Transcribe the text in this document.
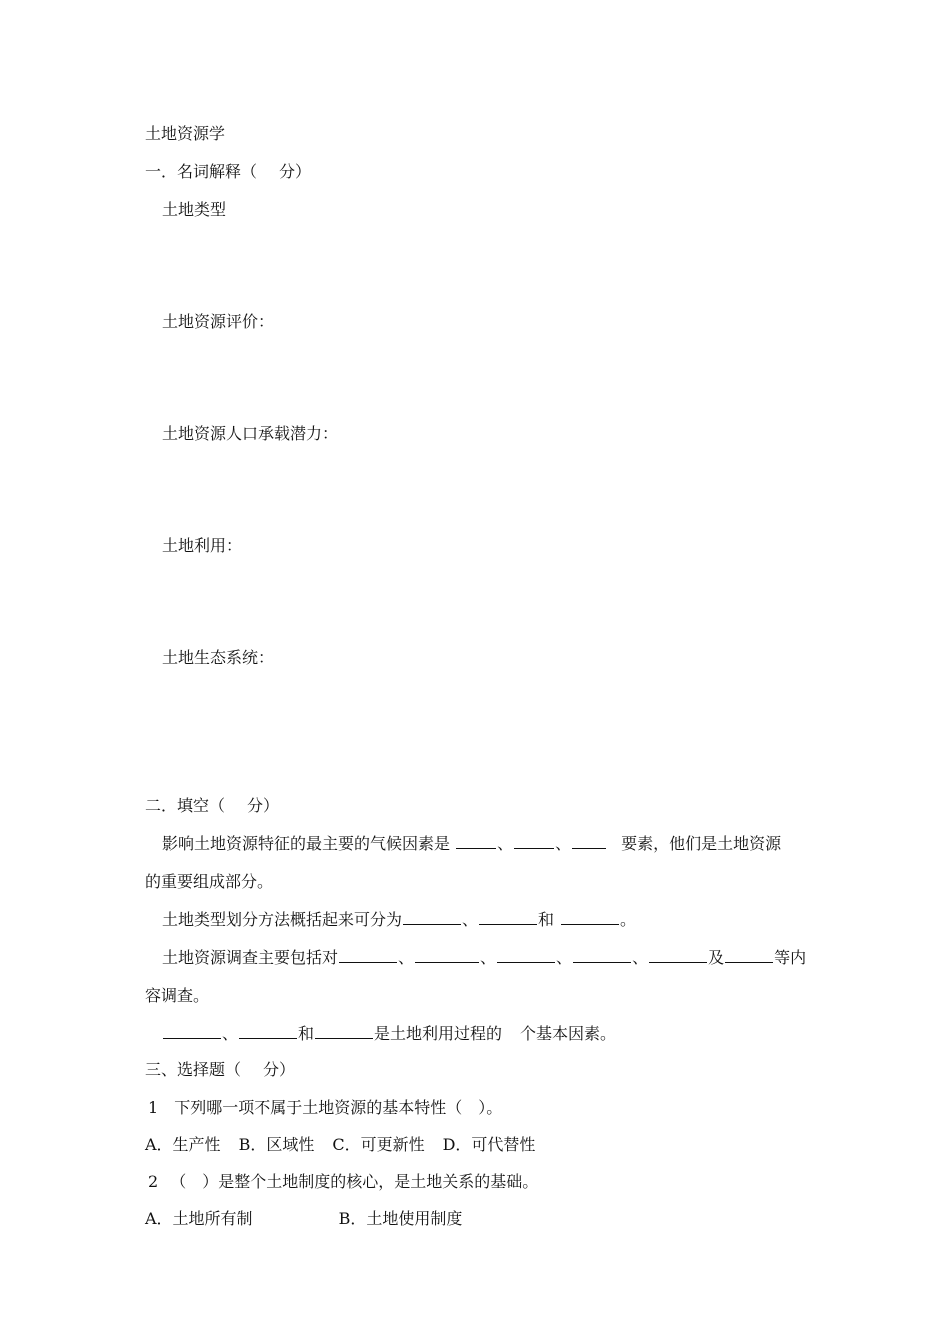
土地资源学
一．名词解释（ 分）
土地类型
土地资源评价：
土地资源人口承载潜力：
土地利用：
土地生态系统：
二．填空（ 分）
影响土地资源特征的最主要的气候因素是	、	、	要素，他们是土地资源
的重要组成部分。
土地类型划分方法概括起来可分为	、	和	。
土地资源调查主要包括对	、	、	、	、	及	等内
容调查。
、	和	是土地利用过程的 个基本因素。
三、选择题（ 分）
1 下列哪一项不属于土地资源的基本特性（　）。
A．生产性 B．区域性 C．可更新性 D．可代替性
2 （　）是整个土地制度的核心，是土地关系的基础。
A．土地所有制	B．土地使用制度
